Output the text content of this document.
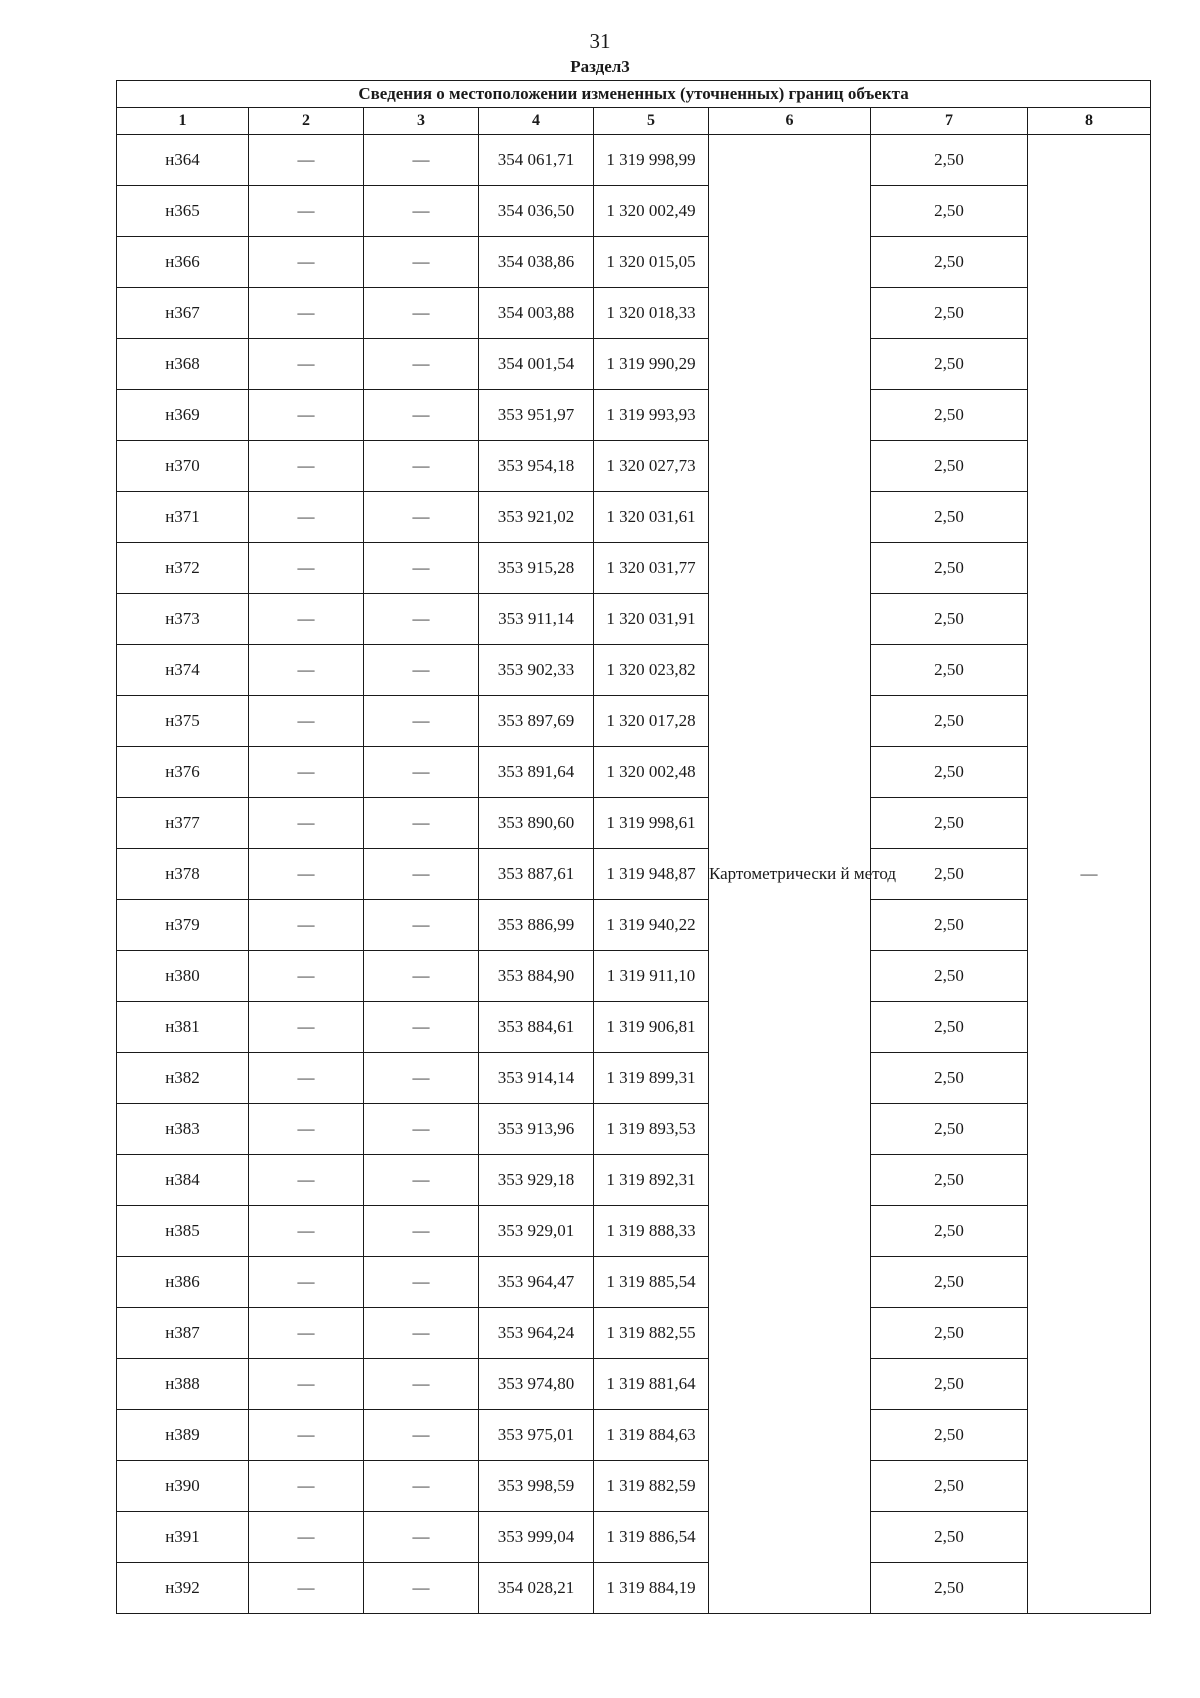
31
Раздел3
Сведения о местоположении измененных (уточненных) границ объекта							
1	2	3	4	5	6	7	8
н364	—	—	354 061,71	1 319 998,99	Картометрически й метод	2,50	—
н365	—	—	354 036,50	1 320 002,49		2,50	
н366	—	—	354 038,86	1 320 015,05		2,50	
н367	—	—	354 003,88	1 320 018,33		2,50	
н368	—	—	354 001,54	1 319 990,29		2,50	
н369	—	—	353 951,97	1 319 993,93		2,50	
н370	—	—	353 954,18	1 320 027,73		2,50	
н371	—	—	353 921,02	1 320 031,61		2,50	
н372	—	—	353 915,28	1 320 031,77		2,50	
н373	—	—	353 911,14	1 320 031,91		2,50	
н374	—	—	353 902,33	1 320 023,82		2,50	
н375	—	—	353 897,69	1 320 017,28		2,50	
н376	—	—	353 891,64	1 320 002,48		2,50	
н377	—	—	353 890,60	1 319 998,61		2,50	
н378	—	—	353 887,61	1 319 948,87		2,50	
н379	—	—	353 886,99	1 319 940,22		2,50	
н380	—	—	353 884,90	1 319 911,10		2,50	
н381	—	—	353 884,61	1 319 906,81		2,50	
н382	—	—	353 914,14	1 319 899,31		2,50	
н383	—	—	353 913,96	1 319 893,53		2,50	
н384	—	—	353 929,18	1 319 892,31		2,50	
н385	—	—	353 929,01	1 319 888,33		2,50	
н386	—	—	353 964,47	1 319 885,54		2,50	
н387	—	—	353 964,24	1 319 882,55		2,50	
н388	—	—	353 974,80	1 319 881,64		2,50	
н389	—	—	353 975,01	1 319 884,63		2,50	
н390	—	—	353 998,59	1 319 882,59		2,50	
н391	—	—	353 999,04	1 319 886,54		2,50	
н392	—	—	354 028,21	1 319 884,19		2,50	
